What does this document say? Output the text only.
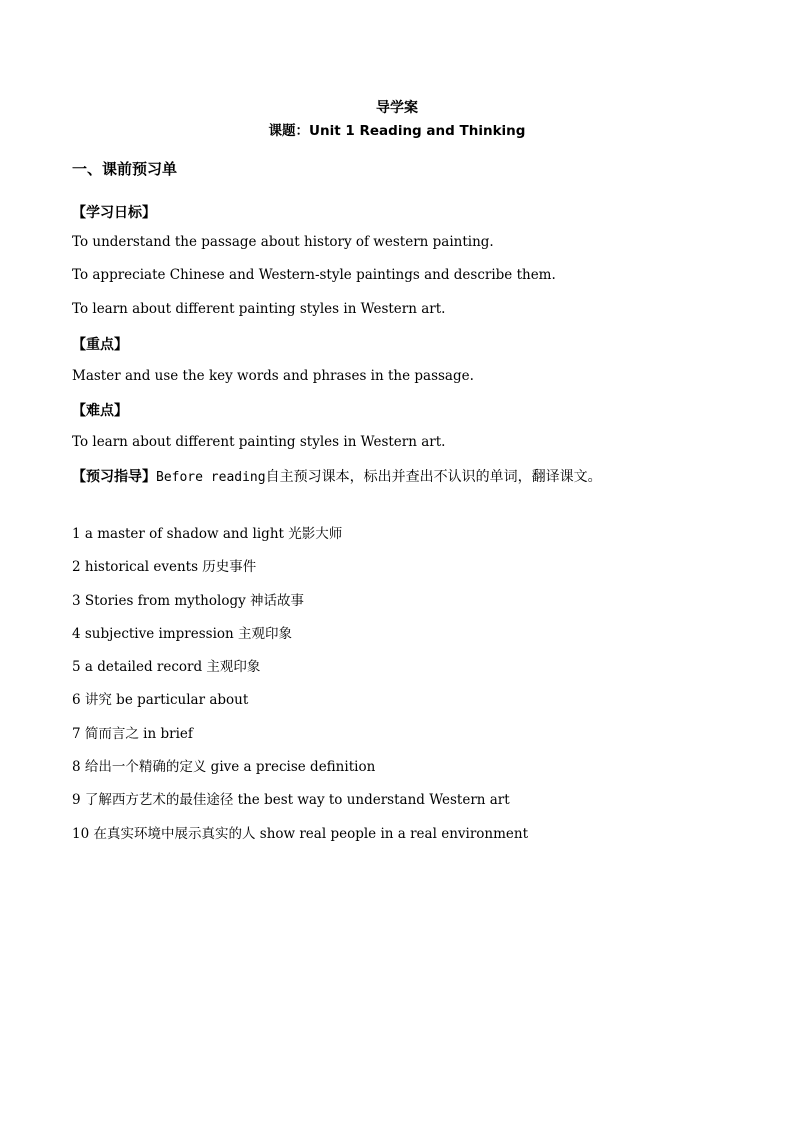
导学案
课题：Unit 1 Reading and Thinking
一、课前预习单

【学习日标】

To understand the passage about history of western painting.

To appreciate Chinese and Western-style paintings and describe them.

To learn about different painting styles in Western art.

【重点】

Master and use the key words and phrases in the passage.

【难点】

To learn about different painting styles in Western art.

【预习指导】Before reading自主预习课本，标出并查出不认识的单词，翻译课文。

1 a master of shadow and light 光影大师
2 historical events 历史事件
3 Stories from mythology 神话故事
4 subjective impression 主观印象
5 a detailed record 主观印象
6 讲究 be particular about
7 简而言之 in brief
8 给出一个精确的定义 give a precise definition
9 了解西方艺术的最佳途径 the best way to understand Western art
10 在真实环境中展示真实的人 show real people in a real environment
